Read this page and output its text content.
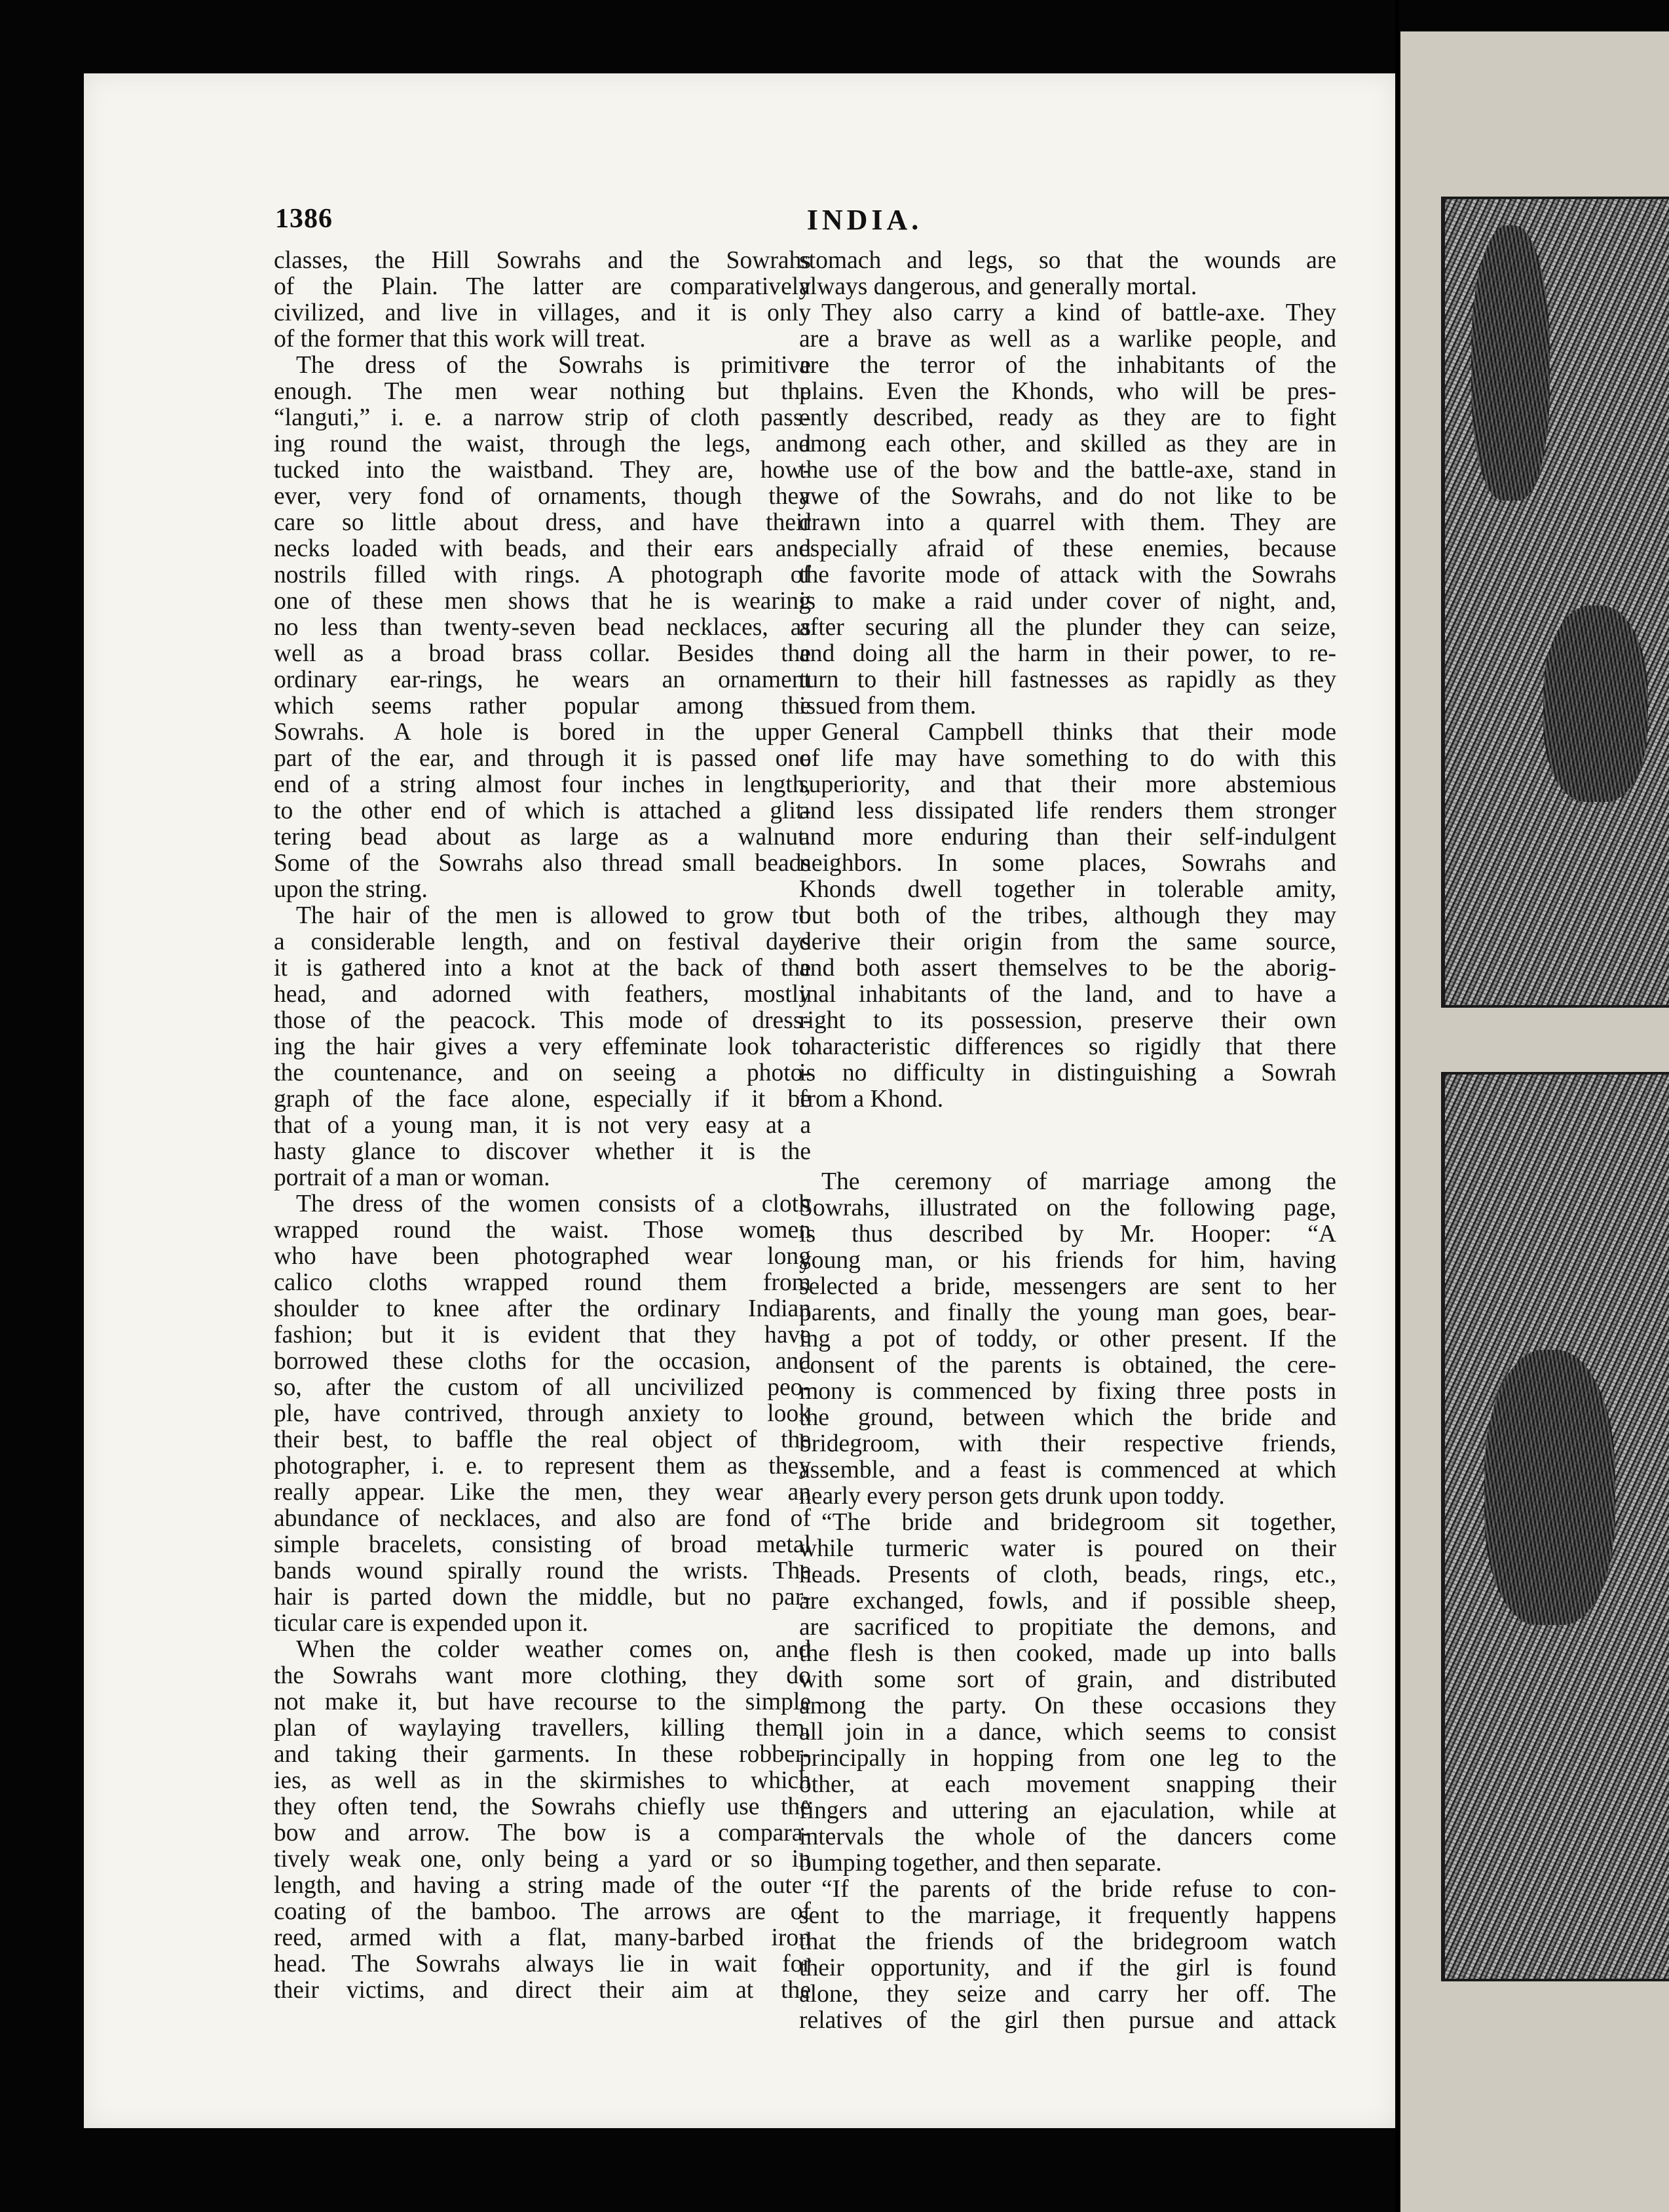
1386	INDIA.
classes, the Hill Sowrahs and the Sowrahs
of the Plain. The latter are comparatively
civilized, and live in villages, and it is only
of the former that this work will treat.
The dress of the Sowrahs is primitive
enough. The men wear nothing but the
“languti,” i. e. a narrow strip of cloth pass-
ing round the waist, through the legs, and
tucked into the waistband. They are, how-
ever, very fond of ornaments, though they
care so little about dress, and have their
necks loaded with beads, and their ears and
nostrils filled with rings. A photograph of
one of these men shows that he is wearing
no less than twenty-seven bead necklaces, as
well as a broad brass collar. Besides the
ordinary ear-rings, he wears an ornament
which seems rather popular among the
Sowrahs. A hole is bored in the upper
part of the ear, and through it is passed one
end of a string almost four inches in length,
to the other end of which is attached a glit-
tering bead about as large as a walnut.
Some of the Sowrahs also thread small beads
upon the string.
The hair of the men is allowed to grow to
a considerable length, and on festival days
it is gathered into a knot at the back of the
head, and adorned with feathers, mostly
those of the peacock. This mode of dress-
ing the hair gives a very effeminate look to
the countenance, and on seeing a photo-
graph of the face alone, especially if it be
that of a young man, it is not very easy at a
hasty glance to discover whether it is the
portrait of a man or woman.
The dress of the women consists of a cloth
wrapped round the waist. Those women
who have been photographed wear long
calico cloths wrapped round them from
shoulder to knee after the ordinary Indian
fashion; but it is evident that they have
borrowed these cloths for the occasion, and
so, after the custom of all uncivilized peo-
ple, have contrived, through anxiety to look
their best, to baffle the real object of the
photographer, i. e. to represent them as they
really appear. Like the men, they wear an
abundance of necklaces, and also are fond of
simple bracelets, consisting of broad metal
bands wound spirally round the wrists. The
hair is parted down the middle, but no par-
ticular care is expended upon it.
When the colder weather comes on, and
the Sowrahs want more clothing, they do
not make it, but have recourse to the simple
plan of waylaying travellers, killing them,
and taking their garments. In these robber-
ies, as well as in the skirmishes to which
they often tend, the Sowrahs chiefly use the
bow and arrow. The bow is a compara-
tively weak one, only being a yard or so in
length, and having a string made of the outer
coating of the bamboo. The arrows are of
reed, armed with a flat, many-barbed iron
head. The Sowrahs always lie in wait for
their victims, and direct their aim at the
stomach and legs, so that the wounds are
always dangerous, and generally mortal.
They also carry a kind of battle-axe. They
are a brave as well as a warlike people, and
are the terror of the inhabitants of the
plains. Even the Khonds, who will be pres-
ently described, ready as they are to fight
among each other, and skilled as they are in
the use of the bow and the battle-axe, stand in
awe of the Sowrahs, and do not like to be
drawn into a quarrel with them. They are
especially afraid of these enemies, because
the favorite mode of attack with the Sowrahs
is to make a raid under cover of night, and,
after securing all the plunder they can seize,
and doing all the harm in their power, to re-
turn to their hill fastnesses as rapidly as they
issued from them.
General Campbell thinks that their mode
of life may have something to do with this
superiority, and that their more abstemious
and less dissipated life renders them stronger
and more enduring than their self-indulgent
neighbors. In some places, Sowrahs and
Khonds dwell together in tolerable amity,
but both of the tribes, although they may
derive their origin from the same source,
and both assert themselves to be the aborig-
inal inhabitants of the land, and to have a
right to its possession, preserve their own
characteristic differences so rigidly that there
is no difficulty in distinguishing a Sowrah
from a Khond.
The ceremony of marriage among the
Sowrahs, illustrated on the following page,
is thus described by Mr. Hooper: “A
young man, or his friends for him, having
selected a bride, messengers are sent to her
parents, and finally the young man goes, bear-
ing a pot of toddy, or other present. If the
consent of the parents is obtained, the cere-
mony is commenced by fixing three posts in
the ground, between which the bride and
bridegroom, with their respective friends,
assemble, and a feast is commenced at which
nearly every person gets drunk upon toddy.
“The bride and bridegroom sit together,
while turmeric water is poured on their
heads. Presents of cloth, beads, rings, etc.,
are exchanged, fowls, and if possible sheep,
are sacrificed to propitiate the demons, and
the flesh is then cooked, made up into balls
with some sort of grain, and distributed
among the party. On these occasions they
all join in a dance, which seems to consist
principally in hopping from one leg to the
other, at each movement snapping their
fingers and uttering an ejaculation, while at
intervals the whole of the dancers come
bumping together, and then separate.
“If the parents of the bride refuse to con-
sent to the marriage, it frequently happens
that the friends of the bridegroom watch
their opportunity, and if the girl is found
alone, they seize and carry her off. The
relatives of the girl then pursue and attack
